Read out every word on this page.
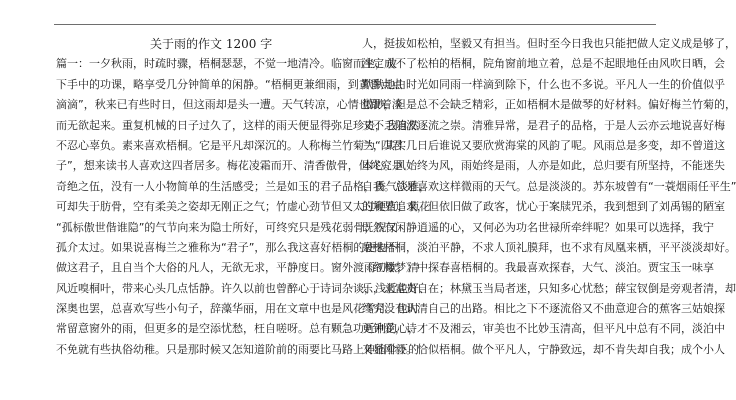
关于雨的作文 1200 字
篇一：一夕秋雨，时疏时骤，梧桐瑟瑟，不觉一地清冷。临窗而坐，放
下手中的功课，略享受几分钟简单的闲静。“梧桐更兼细雨，到黄昏点点
滴滴”，秋来已有些时日，但这雨却是头一遭。天气转凉，心情也跟着淡
而无欲起来。重复机械的日子过久了，这样的雨天便显得弥足珍贵，我自然
不忍心辜负。素来喜欢梧桐。它是平凡却深沉的。人称梅兰竹菊为“四君
子”，想来读书人喜欢这四者居多。梅花凌霜而开、清香傲骨，但终究是
奇绝之伍，没有一人小物简单的生活感受；兰是如玉的君子品格，香气淡雅，
可却失于肪骨，空有柔美之姿却无刚正之气；竹虚心劲节但又太过硬直；菊花
“孤标傲世偕谁隐”的气节向来为隐士所好，可终究只是残花弱骨，况又
孤介太过。如果说喜梅兰之雅称为“君子”，那么我这喜好梧桐的便也不
做这君子，且自当个大俗的凡人，无欲无求，平静度日。窗外渡雨初歇，清
风近嗅桐叶，带来心头几点恬静。许久以前也曾醉心于诗词杂谈，浅近也好、
深奥也罢，总喜欢写些小句子，辞藻华丽，用在文章中也是风花雪月。也时
常留意窗外的雨，但更多的是空添忧愁，枉自嗟呀。总有颗急功近利的心，
不免就有些执俗幼稚。只是那时候又怎知道阶前的雨要比马路上伸缩伞下的
人，挺拔如松柏，坚毅又有担当。但时至今日我也只能把做人定义成是够了，
注定成不了松柏的梧桐，院角窗前地立着，总是不起眼地任由风吹日晒，会
默默地由时光如同雨一样滴到除下，什么也不多说。平凡人一生的价值似乎
微渺，但是总不会缺乏精彩，正如梧桐木是做琴的好材料。偏好梅兰竹菊的，
又不乏随波逐流之崇。清雅异常，是君子的品格，于是人云亦云地说喜好梅
兰，其实几日后谁说又要欣赏海棠的风韵了呢。风雨总是多变，却不曾道这
本心。风始终为风，雨始终是雨，人亦是如此，总归要有所坚持，不能迷失
自我。总是喜欢这样微雨的天气。总是淡淡的。苏东坡曾有“一蓑烟雨任平生”
的境界追求，但依旧做了政客，忧心于案牍咒杀，我到想到了刘禹锡的陋室
既然有闲静逍遥的心，又何必为功名世禄所牵绊呢？如果可以选择，我宁
是株梧桐，淡泊平静，不求人顶礼膜拜，也不求有凤凰来栖，平平淡淡却好。
《红楼梦》中探春喜梧桐的。我最喜欢探春，大气、淡泊。贾宝玉一味享
乐，求富贵自在；林黛玉当局者迷，只知多心忧愁；薛宝钗倒是旁观者清，却
终究没有认清自己的出路。相比之下不逐流俗又不曲意迎合的蕉客三姑娘探
更钟爱，诗才不及湘云，审美也不比妙玉清高，但平凡中总有不同，淡泊中
又显刚毅。恰似梧桐。做个平凡人，宁静致远，却不肯失却自我；成个小人
